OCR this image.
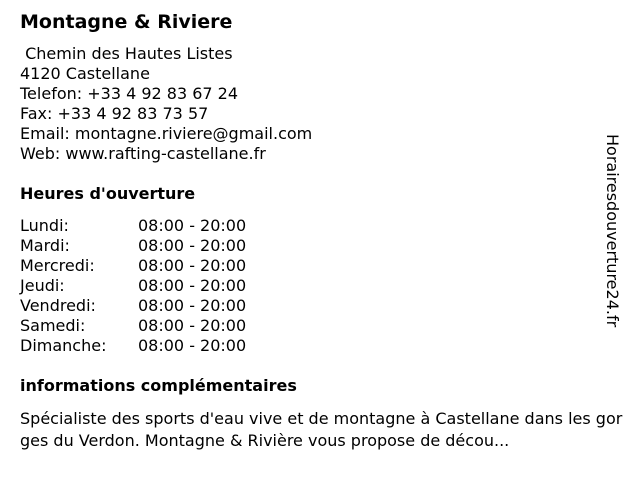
Montagne & Riviere
Chemin des Hautes Listes
4120 Castellane
Telefon: +33 4 92 83 67 24
Fax: +33 4 92 83 73 57
Email: montagne.riviere@gmail.com
Web: www.rafting-castellane.fr
Heures d'ouverture
Lundi:	08:00 - 20:00
Mardi:	08:00 - 20:00
Mercredi:	08:00 - 20:00
Jeudi:	08:00 - 20:00
Vendredi:	08:00 - 20:00
Samedi:	08:00 - 20:00
Dimanche: 08:00 - 20:00
informations complémentaires
Spécialiste des sports d'eau vive et de montagne à Castellane dans les gorges du Verdon. Montagne & Rivière vous propose de décou...
Horairesdouverture24.fr
